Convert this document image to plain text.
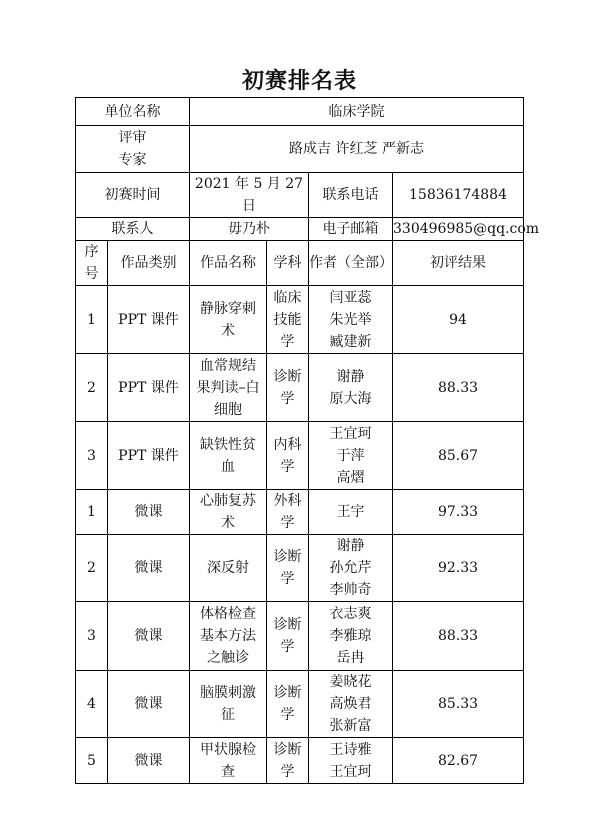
初赛排名表
单位名称		临床学院			

评审
专家		路成吉 许红芝 严新志			
初赛时间		2021 年 5 月 27 日		联系电话	15836174884
联系人		毋乃朴		电子邮箱	330496985@qq.com

序
号	作品类别	作品名称	学科	作者（全部）	初评结果
1	PPT 课件	静脉穿刺
术	临床
技能
学	闫亚蕊
朱光举
臧建新	94
2	PPT 课件	血常规结
果判读–白
细胞	诊断
学	谢静
原大海	88.33
3	PPT 课件	缺铁性贫
血	内科
学	王宜珂
于萍
高熠	85.67
1	微课	心肺复苏
术	外科
学	王宇	97.33
2	微课	深反射	诊断
学	谢静
孙允芹
李帅奇	92.33
3	微课	体格检查
基本方法
之触诊	诊断
学	衣志爽
李雅琼
岳冉	88.33
4	微课	脑膜刺激
征	诊断
学	姜晓花
高焕君
张新富	85.33
5	微课	甲状腺检
查	诊断
学	王诗雅
王宜珂	82.67
